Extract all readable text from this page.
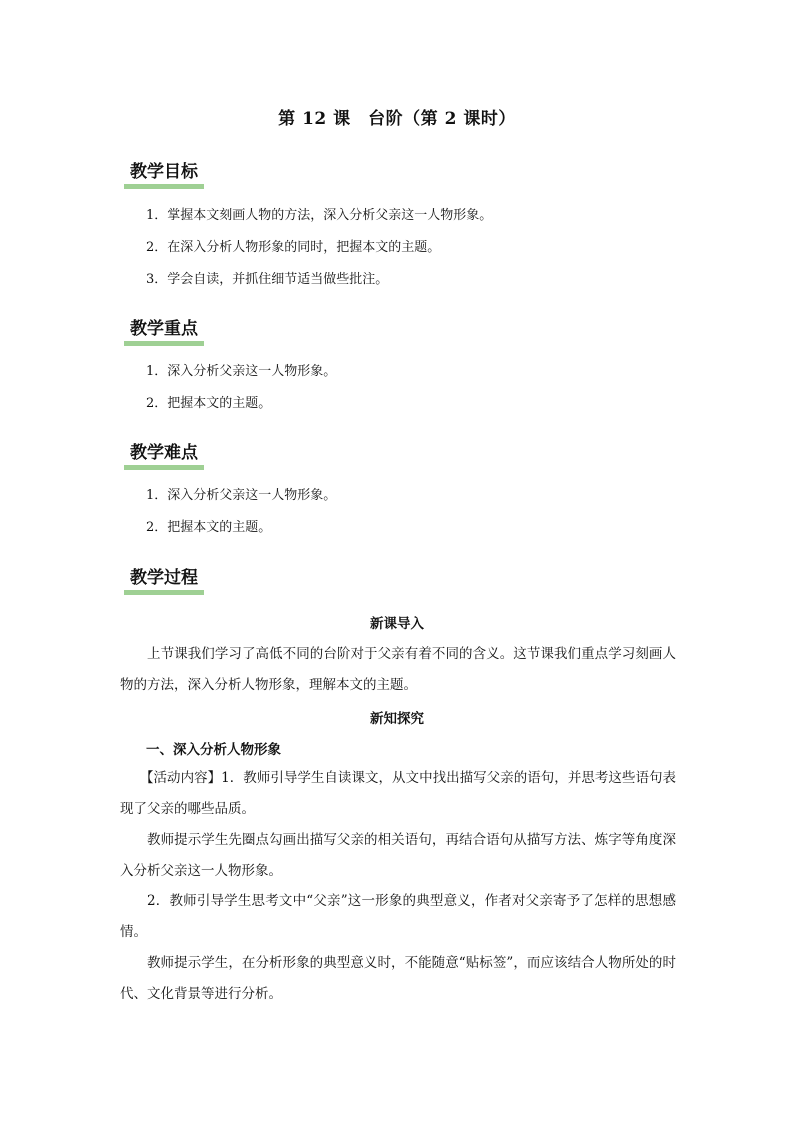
第 12 课　台阶（第 2 课时）
教学目标
1．掌握本文刻画人物的方法，深入分析父亲这一人物形象。
2．在深入分析人物形象的同时，把握本文的主题。
3．学会自读，并抓住细节适当做些批注。
教学重点
1．深入分析父亲这一人物形象。
2．把握本文的主题。
教学难点
1．深入分析父亲这一人物形象。
2．把握本文的主题。
教学过程

新课导入

上节课我们学习了高低不同的台阶对于父亲有着不同的含义。这节课我们重点学习刻画人物的方法，深入分析人物形象，理解本文的主题。

新知探究

一、深入分析人物形象

【活动内容】1．教师引导学生自读课文，从文中找出描写父亲的语句，并思考这些语句表现了父亲的哪些品质。

教师提示学生先圈点勾画出描写父亲的相关语句，再结合语句从描写方法、炼字等角度深入分析父亲这一人物形象。

2．教师引导学生思考文中“父亲”这一形象的典型意义，作者对父亲寄予了怎样的思想感情。

教师提示学生，在分析形象的典型意义时，不能随意“贴标签”，而应该结合人物所处的时代、文化背景等进行分析。
